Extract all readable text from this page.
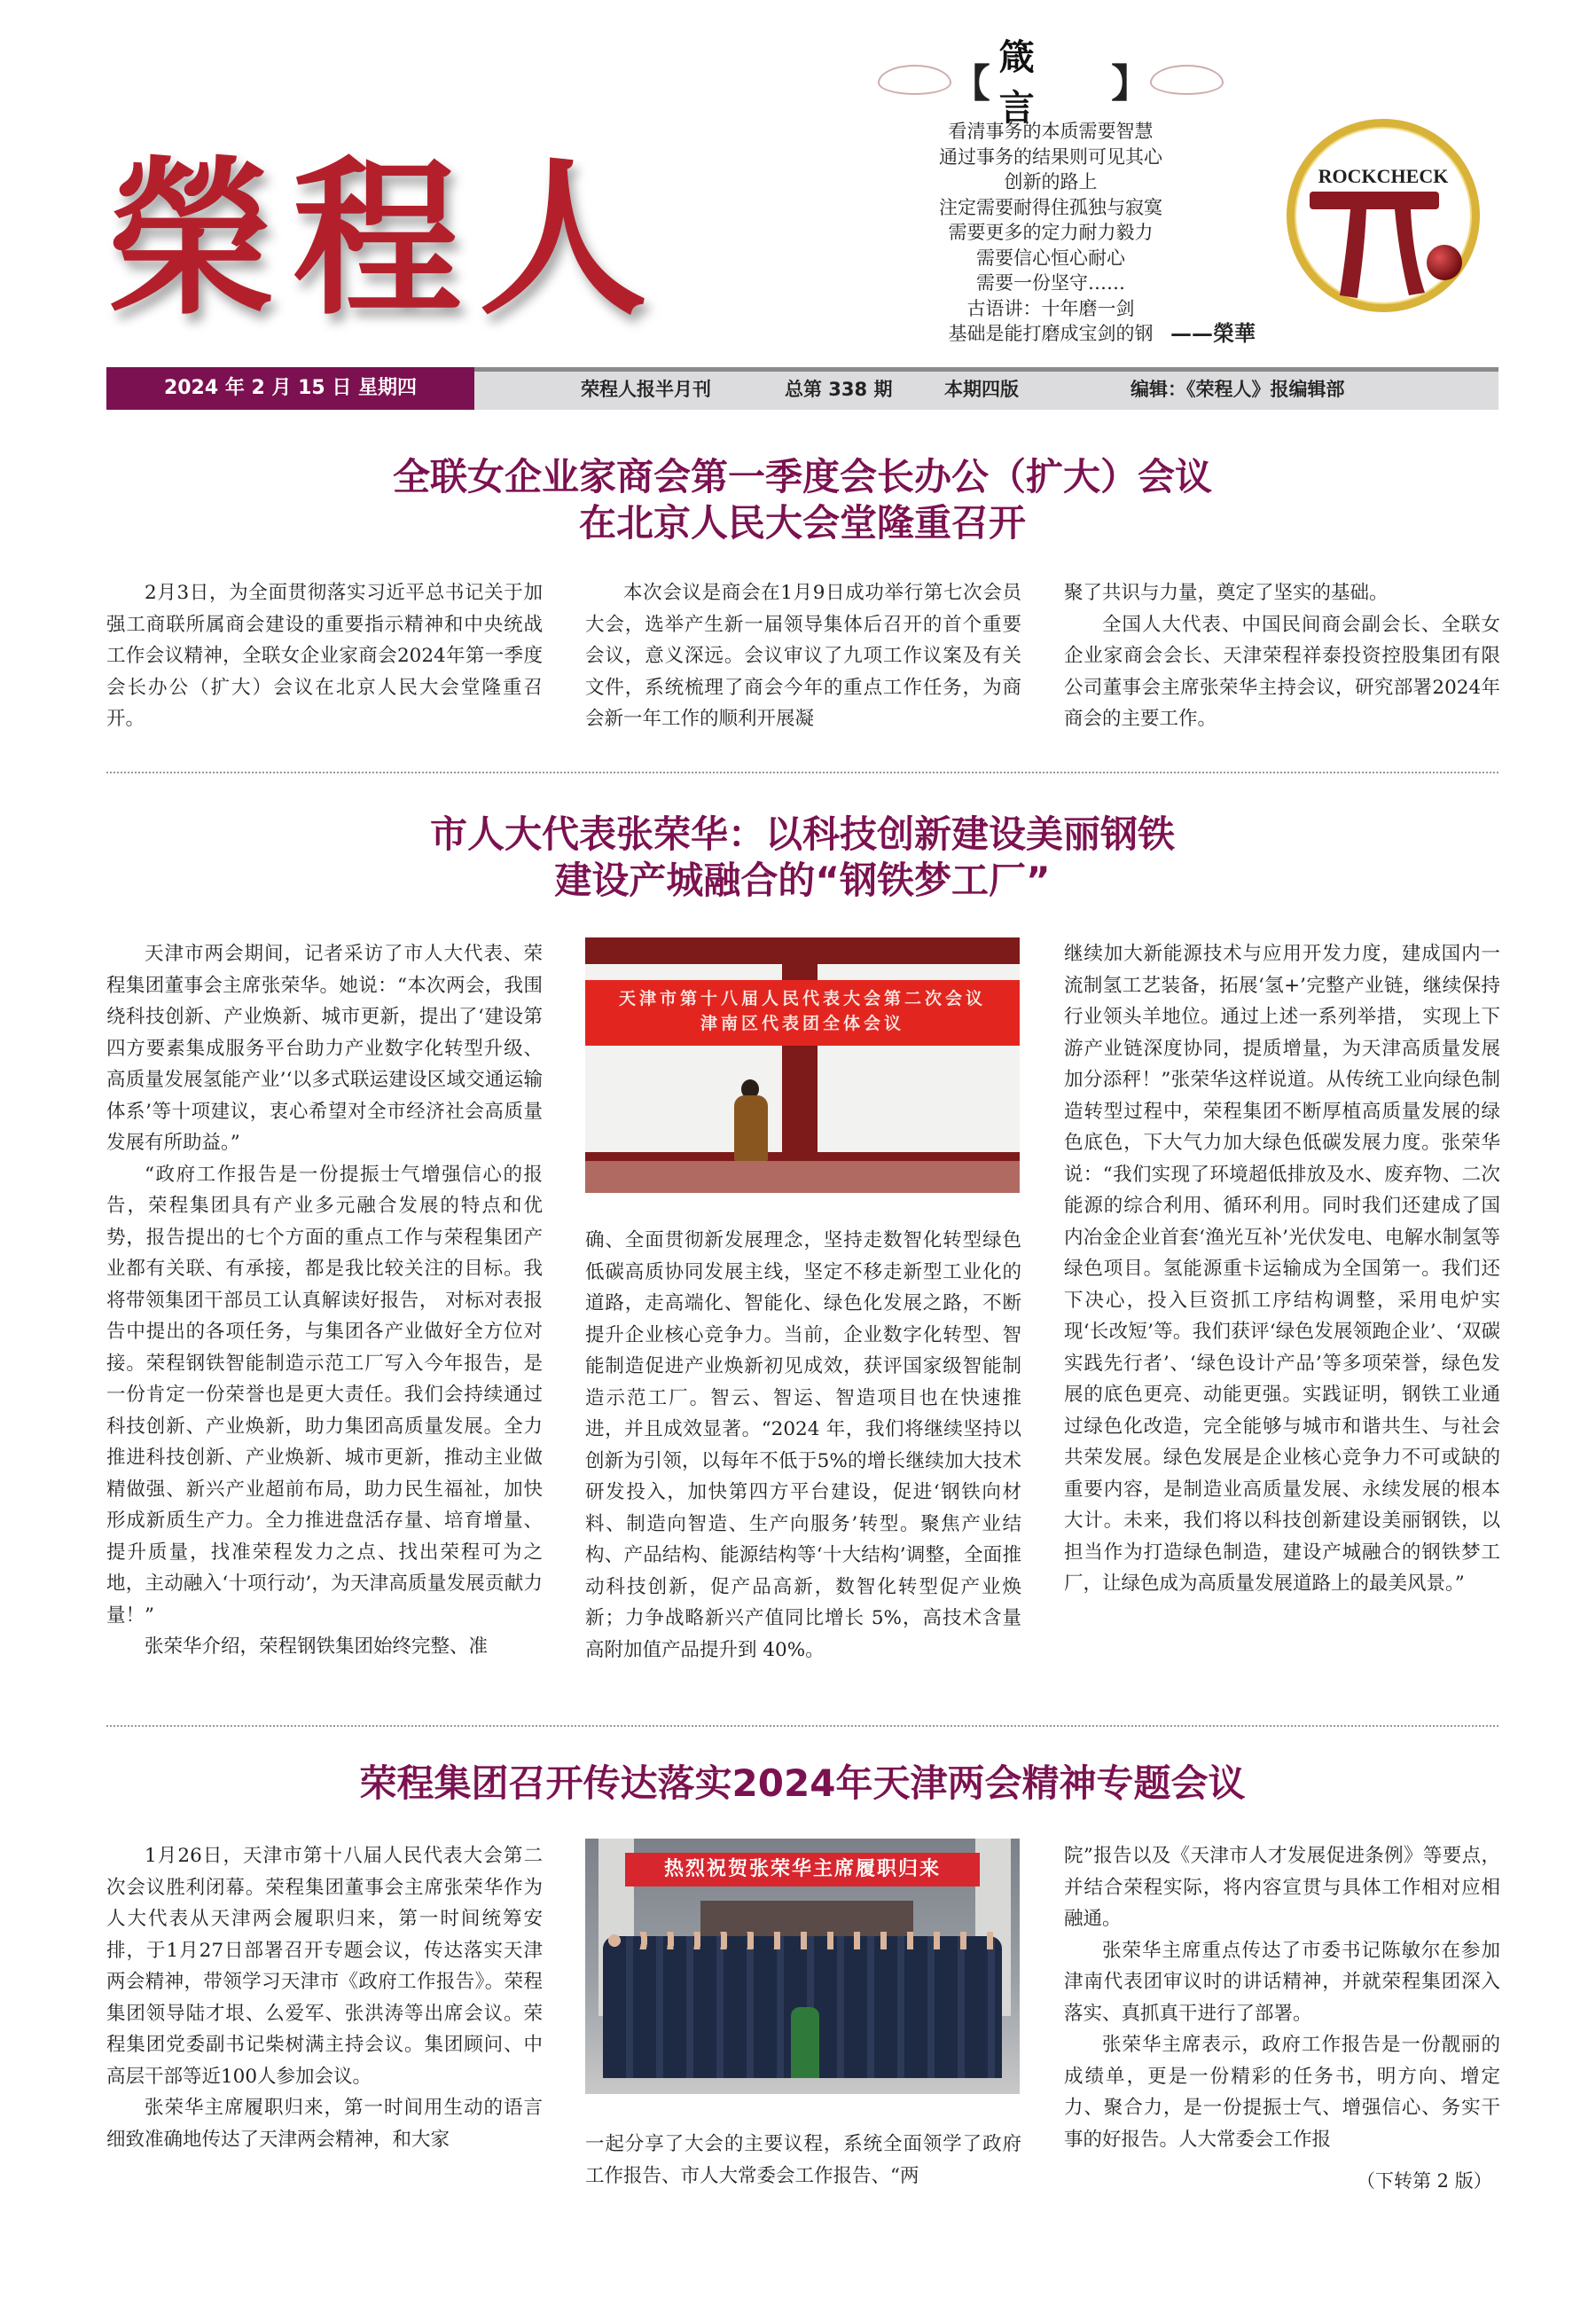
榮程人
【
箴 言
】
看清事务的本质需要智慧
通过事务的结果则可见其心
创新的路上
注定需要耐得住孤独与寂寞
需要更多的定力耐力毅力
需要信心恒心耐心
需要一份坚守……
古语讲：十年磨一剑
基础是能打磨成宝剑的钢 ——榮華
ROCKCHECK
2024 年 2 月 15 日 星期四	荣程人报半月刊	总第 338 期	本期四版	编辑：《荣程人》报编辑部
全联女企业家商会第一季度会长办公（扩大）会议
在北京人民大会堂隆重召开

2月3日，为全面贯彻落实习近平总书记关于加强工商联所属商会建设的重要指示精神和中央统战工作会议精神，全联女企业家商会2024年第一季度会长办公（扩大）会议在北京人民大会堂隆重召开。

本次会议是商会在1月9日成功举行第七次会员大会，选举产生新一届领导集体后召开的首个重要会议，意义深远。会议审议了九项工作议案及有关文件，系统梳理了商会今年的重点工作任务，为商会新一年工作的顺利开展凝

聚了共识与力量，奠定了坚实的基础。

全国人大代表、中国民间商会副会长、全联女企业家商会会长、天津荣程祥泰投资控股集团有限公司董事会主席张荣华主持会议，研究部署2024年商会的主要工作。

市人大代表张荣华：以科技创新建设美丽钢铁
建设产城融合的“钢铁梦工厂”

天津市两会期间，记者采访了市人大代表、荣程集团董事会主席张荣华。她说：“本次两会，我围绕科技创新、产业焕新、城市更新，提出了‘建设第四方要素集成服务平台助力产业数字化转型升级、高质量发展氢能产业’‘以多式联运建设区域交通运输体系’等十项建议，衷心希望对全市经济社会高质量发展有所助益。”

“政府工作报告是一份提振士气增强信心的报告，荣程集团具有产业多元融合发展的特点和优势，报告提出的七个方面的重点工作与荣程集团产业都有关联、有承接，都是我比较关注的目标。我将带领集团干部员工认真解读好报告， 对标对表报告中提出的各项任务，与集团各产业做好全方位对接。荣程钢铁智能制造示范工厂写入今年报告，是一份肯定一份荣誉也是更大责任。我们会持续通过科技创新、产业焕新，助力集团高质量发展。全力推进科技创新、产业焕新、城市更新，推动主业做精做强、新兴产业超前布局，助力民生福祉，加快形成新质生产力。全力推进盘活存量、培育增量、提升质量，找准荣程发力之点、找出荣程可为之地，主动融入‘十项行动’，为天津高质量发展贡献力量！”

张荣华介绍，荣程钢铁集团始终完整、准

天津市第十八届人民代表大会第二次会议
津南区代表团全体会议

确、全面贯彻新发展理念，坚持走数智化转型绿色低碳高质协同发展主线，坚定不移走新型工业化的道路，走高端化、智能化、绿色化发展之路，不断提升企业核心竞争力。当前，企业数字化转型、智能制造促进产业焕新初见成效，获评国家级智能制造示范工厂。智云、智运、智造项目也在快速推进，并且成效显著。“2024 年，我们将继续坚持以创新为引领，以每年不低于5%的增长继续加大技术研发投入，加快第四方平台建设，促进‘钢铁向材料、制造向智造、生产向服务’转型。聚焦产业结构、产品结构、能源结构等‘十大结构’调整，全面推动科技创新，促产品高新，数智化转型促产业焕新；力争战略新兴产值同比增长 5%，高技术含量高附加值产品提升到 40%。

继续加大新能源技术与应用开发力度，建成国内一流制氢工艺装备，拓展‘氢+’完整产业链，继续保持行业领头羊地位。通过上述一系列举措， 实现上下游产业链深度协同，提质增量，为天津高质量发展加分添秤！”张荣华这样说道。从传统工业向绿色制造转型过程中，荣程集团不断厚植高质量发展的绿色底色，下大气力加大绿色低碳发展力度。张荣华说：“我们实现了环境超低排放及水、废弃物、二次能源的综合利用、循环利用。同时我们还建成了国内冶金企业首套‘渔光互补’光伏发电、电解水制氢等绿色项目。氢能源重卡运输成为全国第一。我们还下决心，投入巨资抓工序结构调整，采用电炉实现‘长改短’等。我们获评‘绿色发展领跑企业’、‘双碳实践先行者’、‘绿色设计产品’等多项荣誉，绿色发展的底色更亮、动能更强。实践证明，钢铁工业通过绿色化改造，完全能够与城市和谐共生、与社会共荣发展。绿色发展是企业核心竞争力不可或缺的重要内容，是制造业高质量发展、永续发展的根本大计。未来，我们将以科技创新建设美丽钢铁，以担当作为打造绿色制造，建设产城融合的钢铁梦工厂，让绿色成为高质量发展道路上的最美风景。”

荣程集团召开传达落实2024年天津两会精神专题会议

1月26日，天津市第十八届人民代表大会第二次会议胜利闭幕。荣程集团董事会主席张荣华作为人大代表从天津两会履职归来，第一时间统筹安排，于1月27日部署召开专题会议，传达落实天津两会精神，带领学习天津市《政府工作报告》。荣程集团领导陆才垠、么爱军、张洪涛等出席会议。荣程集团党委副书记柴树满主持会议。集团顾问、中高层干部等近100人参加会议。

张荣华主席履职归来，第一时间用生动的语言细致准确地传达了天津两会精神，和大家

热烈祝贺张荣华主席履职归来

一起分享了大会的主要议程，系统全面领学了政府工作报告、市人大常委会工作报告、“两

院”报告以及《天津市人才发展促进条例》等要点，并结合荣程实际，将内容宣贯与具体工作相对应相融通。

张荣华主席重点传达了市委书记陈敏尔在参加津南代表团审议时的讲话精神，并就荣程集团深入落实、真抓真干进行了部署。

张荣华主席表示，政府工作报告是一份靓丽的成绩单，更是一份精彩的任务书，明方向、增定力、聚合力，是一份提振士气、增强信心、务实干事的好报告。人大常委会工作报

（下转第 2 版）
